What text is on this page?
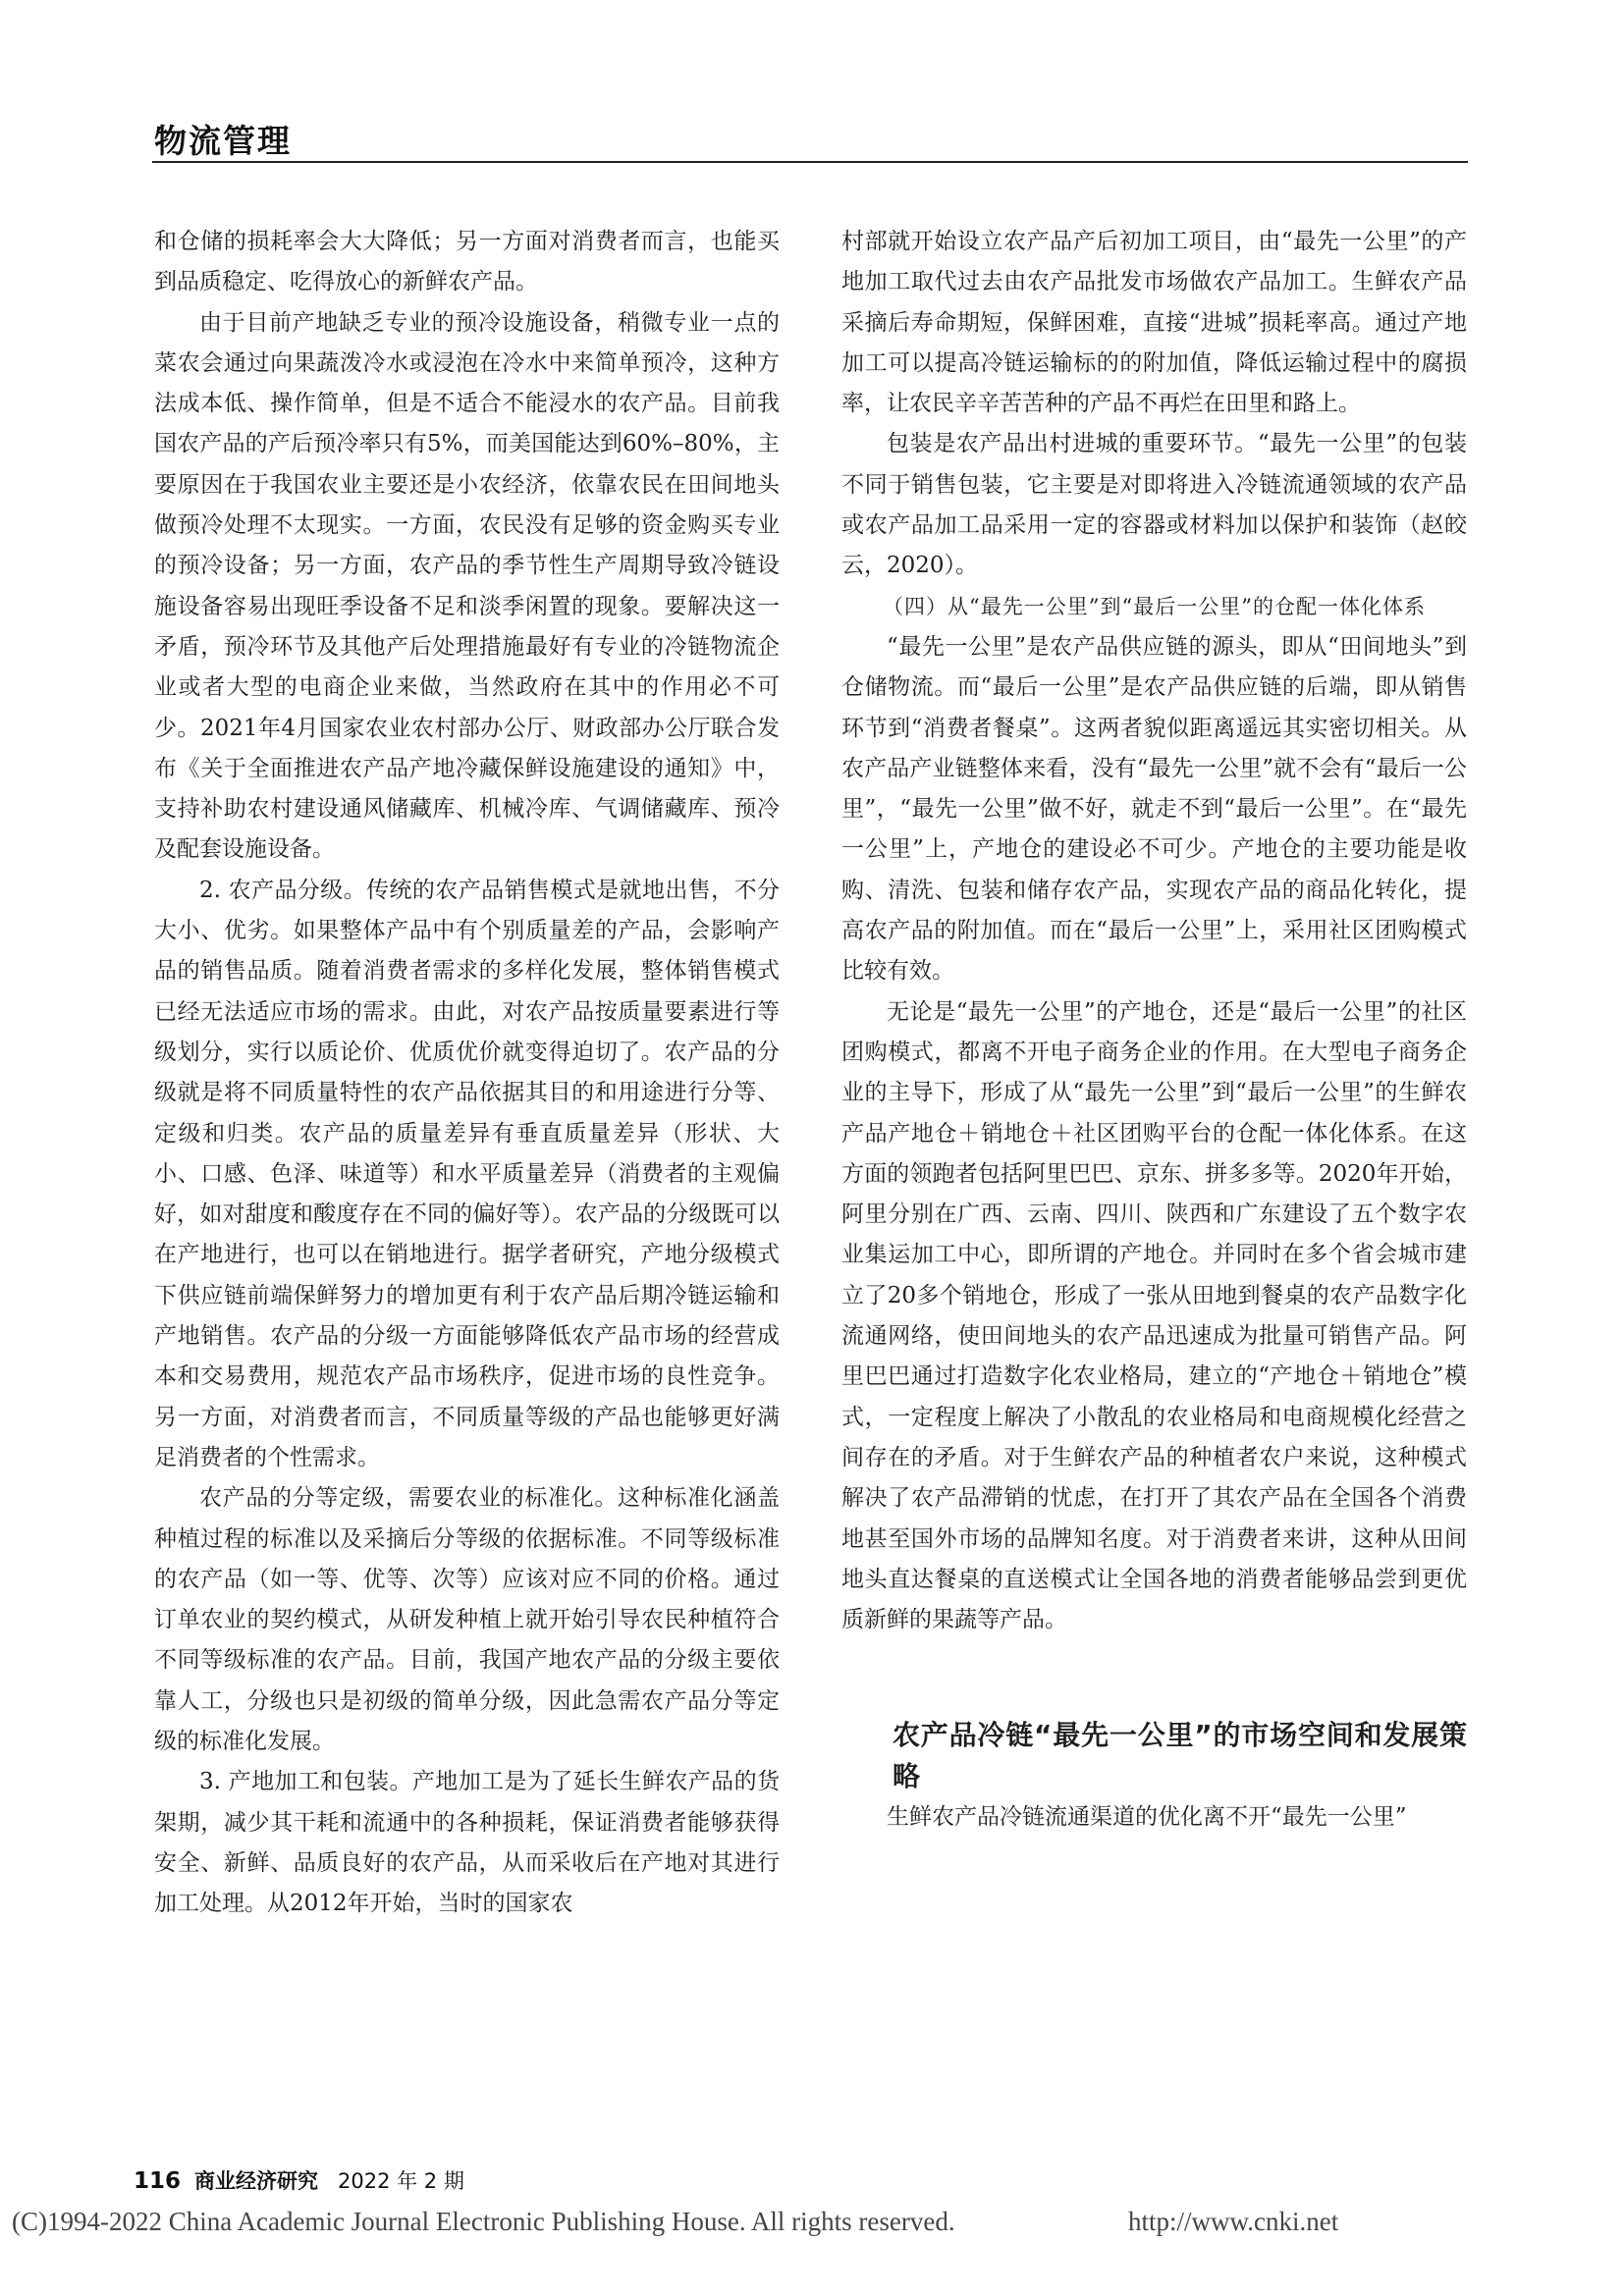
物流管理

和仓储的损耗率会大大降低；另一方面对消费者而言，也能买到品质稳定、吃得放心的新鲜农产品。

由于目前产地缺乏专业的预冷设施设备，稍微专业一点的菜农会通过向果蔬泼冷水或浸泡在冷水中来简单预冷，这种方法成本低、操作简单，但是不适合不能浸水的农产品。目前我国农产品的产后预冷率只有5%，而美国能达到60%–80%，主要原因在于我国农业主要还是小农经济，依靠农民在田间地头做预冷处理不太现实。一方面，农民没有足够的资金购买专业的预冷设备；另一方面，农产品的季节性生产周期导致冷链设施设备容易出现旺季设备不足和淡季闲置的现象。要解决这一矛盾，预冷环节及其他产后处理措施最好有专业的冷链物流企业或者大型的电商企业来做，当然政府在其中的作用必不可少。2021年4月国家农业农村部办公厅、财政部办公厅联合发布《关于全面推进农产品产地冷藏保鲜设施建设的通知》中，支持补助农村建设通风储藏库、机械冷库、气调储藏库、预冷及配套设施设备。

2. 农产品分级。传统的农产品销售模式是就地出售，不分大小、优劣。如果整体产品中有个别质量差的产品，会影响产品的销售品质。随着消费者需求的多样化发展，整体销售模式已经无法适应市场的需求。由此，对农产品按质量要素进行等级划分，实行以质论价、优质优价就变得迫切了。农产品的分级就是将不同质量特性的农产品依据其目的和用途进行分等、定级和归类。农产品的质量差异有垂直质量差异（形状、大小、口感、色泽、味道等）和水平质量差异（消费者的主观偏好，如对甜度和酸度存在不同的偏好等）。农产品的分级既可以在产地进行，也可以在销地进行。据学者研究，产地分级模式下供应链前端保鲜努力的增加更有利于农产品后期冷链运输和产地销售。农产品的分级一方面能够降低农产品市场的经营成本和交易费用，规范农产品市场秩序，促进市场的良性竞争。另一方面，对消费者而言，不同质量等级的产品也能够更好满足消费者的个性需求。

农产品的分等定级，需要农业的标准化。这种标准化涵盖种植过程的标准以及采摘后分等级的依据标准。不同等级标准的农产品（如一等、优等、次等）应该对应不同的价格。通过订单农业的契约模式，从研发种植上就开始引导农民种植符合不同等级标准的农产品。目前，我国产地农产品的分级主要依靠人工，分级也只是初级的简单分级，因此急需农产品分等定级的标准化发展。

3. 产地加工和包装。产地加工是为了延长生鲜农产品的货架期，减少其干耗和流通中的各种损耗，保证消费者能够获得安全、新鲜、品质良好的农产品，从而采收后在产地对其进行加工处理。从2012年开始，当时的国家农

村部就开始设立农产品产后初加工项目，由“最先一公里”的产地加工取代过去由农产品批发市场做农产品加工。生鲜农产品采摘后寿命期短，保鲜困难，直接“进城”损耗率高。通过产地加工可以提高冷链运输标的的附加值，降低运输过程中的腐损率，让农民辛辛苦苦种的产品不再烂在田里和路上。

包装是农产品出村进城的重要环节。“最先一公里”的包装不同于销售包装，它主要是对即将进入冷链流通领域的农产品或农产品加工品采用一定的容器或材料加以保护和装饰（赵皎云，2020）。

（四）从“最先一公里”到“最后一公里”的仓配一体化体系

“最先一公里”是农产品供应链的源头，即从“田间地头”到仓储物流。而“最后一公里”是农产品供应链的后端，即从销售环节到“消费者餐桌”。这两者貌似距离遥远其实密切相关。从农产品产业链整体来看，没有“最先一公里”就不会有“最后一公里”，“最先一公里”做不好，就走不到“最后一公里”。在“最先一公里”上，产地仓的建设必不可少。产地仓的主要功能是收购、清洗、包装和储存农产品，实现农产品的商品化转化，提高农产品的附加值。而在“最后一公里”上，采用社区团购模式比较有效。

无论是“最先一公里”的产地仓，还是“最后一公里”的社区团购模式，都离不开电子商务企业的作用。在大型电子商务企业的主导下，形成了从“最先一公里”到“最后一公里”的生鲜农产品产地仓＋销地仓＋社区团购平台的仓配一体化体系。在这方面的领跑者包括阿里巴巴、京东、拼多多等。2020年开始，阿里分别在广西、云南、四川、陕西和广东建设了五个数字农业集运加工中心，即所谓的产地仓。并同时在多个省会城市建立了20多个销地仓，形成了一张从田地到餐桌的农产品数字化流通网络，使田间地头的农产品迅速成为批量可销售产品。阿里巴巴通过打造数字化农业格局，建立的“产地仓＋销地仓”模式，一定程度上解决了小散乱的农业格局和电商规模化经营之间存在的矛盾。对于生鲜农产品的种植者农户来说，这种模式解决了农产品滞销的忧虑，在打开了其农产品在全国各个消费地甚至国外市场的品牌知名度。对于消费者来讲，这种从田间地头直达餐桌的直送模式让全国各地的消费者能够品尝到更优质新鲜的果蔬等产品。

农产品冷链“最先一公里”的市场空间和发展策略

生鲜农产品冷链流通渠道的优化离不开“最先一公里”

116 商业经济研究 2022 年 2 期
(C)1994-2022 China Academic Journal Electronic Publishing House. All rights reserved.	http://www.cnki.net
